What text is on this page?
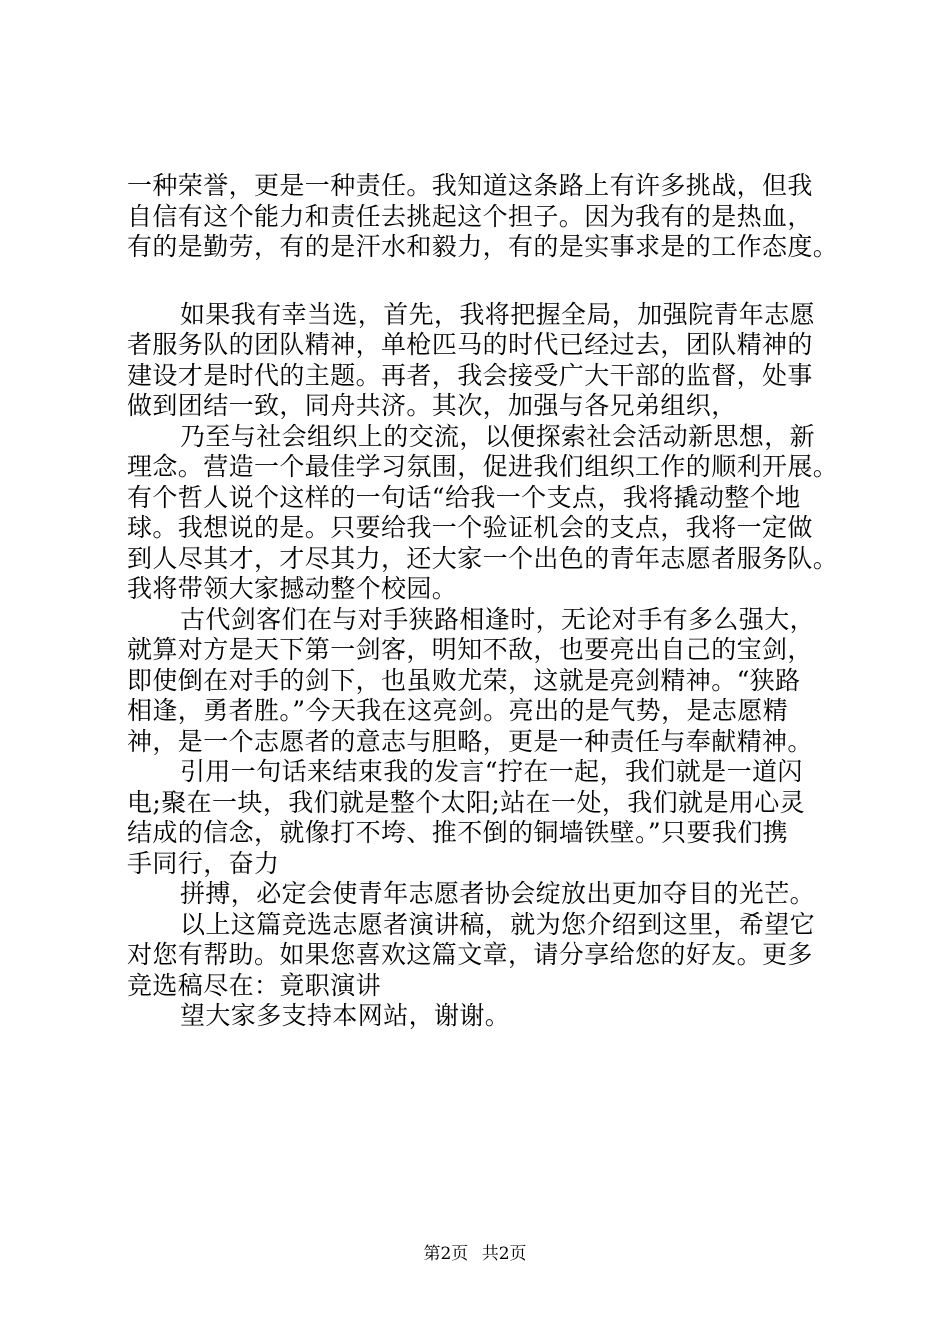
一种荣誉，更是一种责任。我知道这条路上有许多挑战，但我

自信有这个能力和责任去挑起这个担子。因为我有的是热血，

有的是勤劳，有的是汗水和毅力，有的是实事求是的工作态度。

如果我有幸当选，首先，我将把握全局，加强院青年志愿

者服务队的团队精神，单枪匹马的时代已经过去，团队精神的

建设才是时代的主题。再者，我会接受广大干部的监督，处事

做到团结一致，同舟共济。其次，加强与各兄弟组织，

乃至与社会组织上的交流，以便探索社会活动新思想，新

理念。营造一个最佳学习氛围，促进我们组织工作的顺利开展。

有个哲人说个这样的一句话“给我一个支点，我将撬动整个地

球。我想说的是。只要给我一个验证机会的支点，我将一定做

到人尽其才，才尽其力，还大家一个出色的青年志愿者服务队。

我将带领大家撼动整个校园。

古代剑客们在与对手狭路相逢时，无论对手有多么强大，

就算对方是天下第一剑客，明知不敌，也要亮出自己的宝剑，

即使倒在对手的剑下，也虽败尤荣，这就是亮剑精神。“狭路

相逢，勇者胜。”今天我在这亮剑。亮出的是气势，是志愿精

神，是一个志愿者的意志与胆略，更是一种责任与奉献精神。

引用一句话来结束我的发言“拧在一起，我们就是一道闪

电;聚在一块，我们就是整个太阳;站在一处，我们就是用心灵

结成的信念，就像打不垮、推不倒的铜墙铁壁。”只要我们携

手同行，奋力

拼搏，必定会使青年志愿者协会绽放出更加夺目的光芒。

以上这篇竞选志愿者演讲稿，就为您介绍到这里，希望它

对您有帮助。如果您喜欢这篇文章，请分享给您的好友。更多

竞选稿尽在：竟职演讲

望大家多支持本网站，谢谢。

第2页 共2页
